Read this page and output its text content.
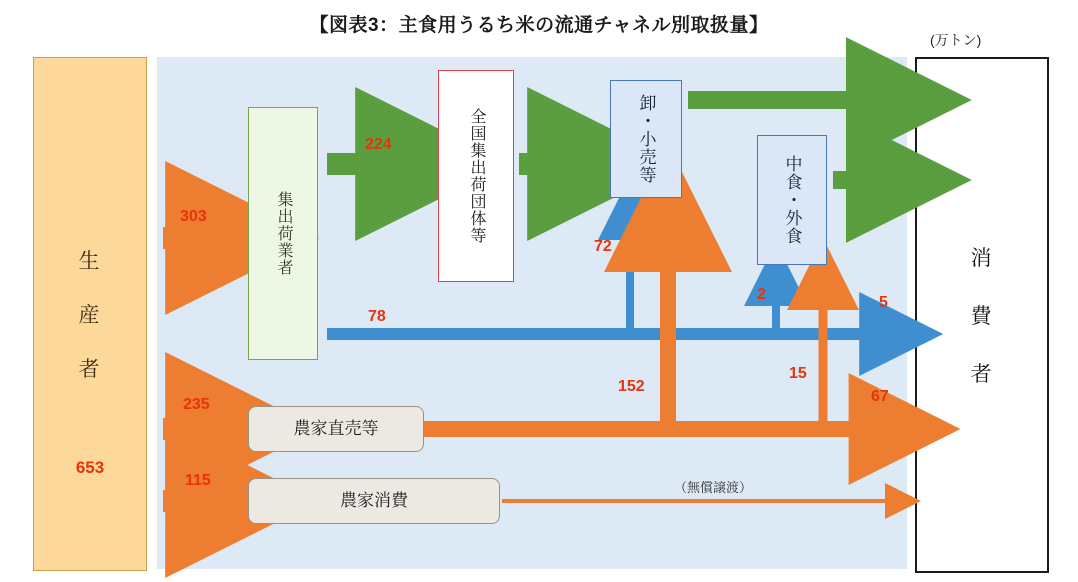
【図表3：主食用うるち米の流通チャネル別取扱量】
(万トン)
生
産
者
653
消
費
者
集出荷業者	全国集出荷団体等	卸・小売等
中食・外食
農家直売等
農家消費
303
224
78
72
2	5
152
15
235	67
115	（無償譲渡）
